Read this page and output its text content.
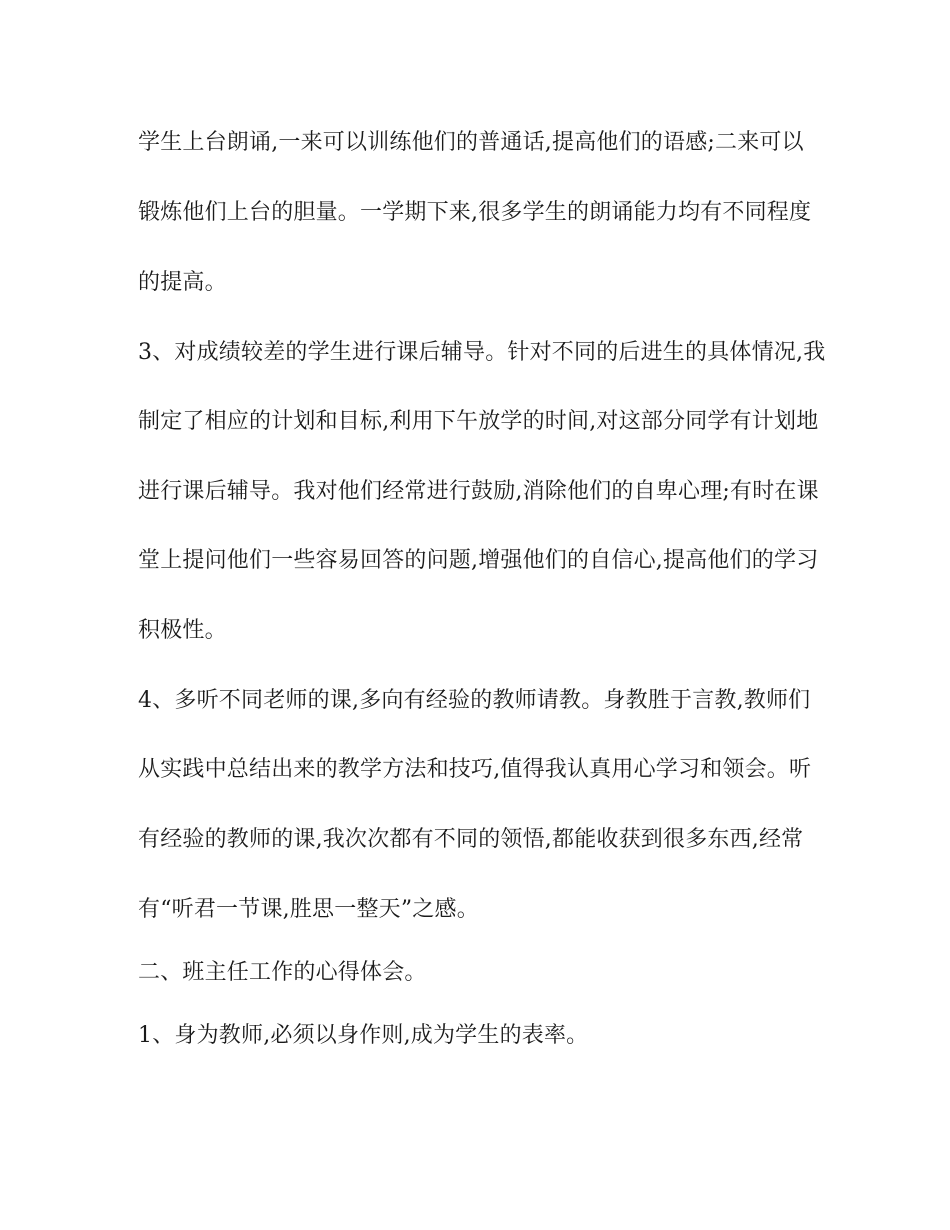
学生上台朗诵,一来可以训练他们的普通话,提高他们的语感;二来可以
锻炼他们上台的胆量。一学期下来,很多学生的朗诵能力均有不同程度
的提高。
3、对成绩较差的学生进行课后辅导。针对不同的后进生的具体情况,我
制定了相应的计划和目标,利用下午放学的时间,对这部分同学有计划地
进行课后辅导。我对他们经常进行鼓励,消除他们的自卑心理;有时在课
堂上提问他们一些容易回答的问题,增强他们的自信心,提高他们的学习
积极性。
4、多听不同老师的课,多向有经验的教师请教。身教胜于言教,教师们
从实践中总结出来的教学方法和技巧,值得我认真用心学习和领会。听
有经验的教师的课,我次次都有不同的领悟,都能收获到很多东西,经常
有“听君一节课,胜思一整天”之感。
二、班主任工作的心得体会。
1、身为教师,必须以身作则,成为学生的表率。
